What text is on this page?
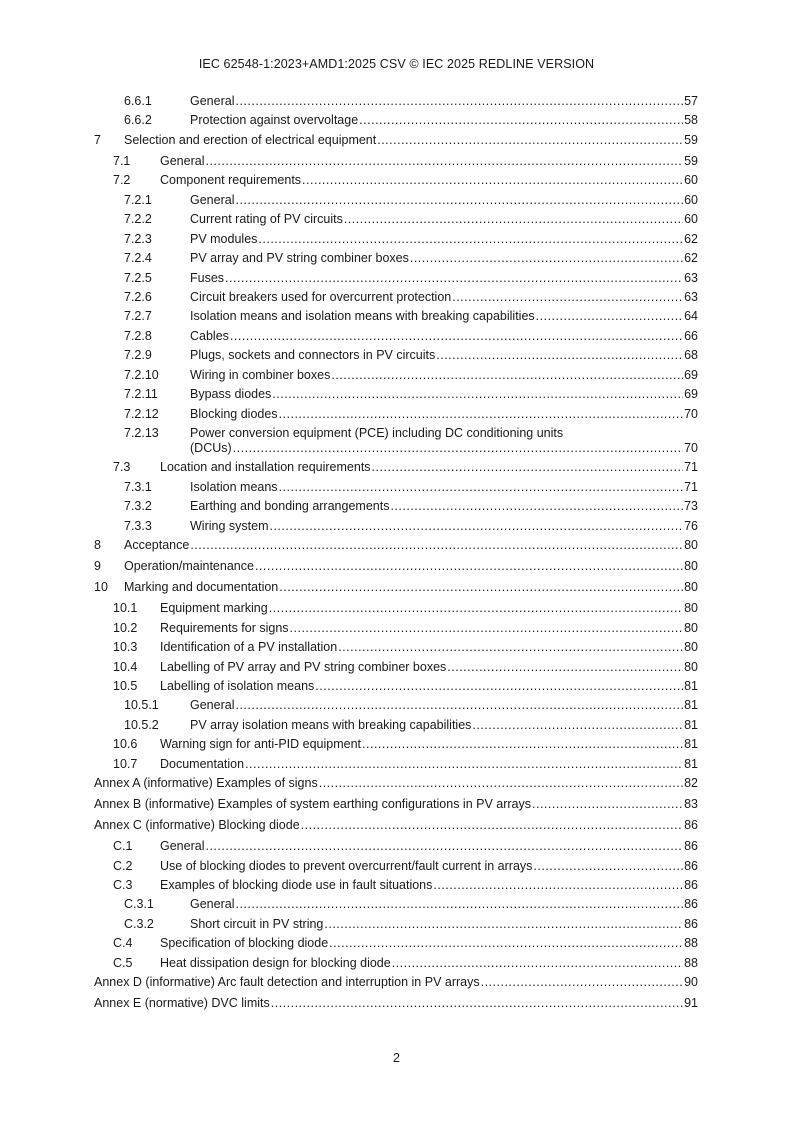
IEC 62548-1:2023+AMD1:2025 CSV © IEC 2025 REDLINE VERSION
6.6.1	General .....	57
6.6.2	Protection against overvoltage .....	58
7	Selection and erection of electrical equipment .....	59
7.1	General .....	59
7.2	Component requirements .....	60
7.2.1	General .....	60
7.2.2	Current rating of PV circuits .....	60
7.2.3	PV modules .....	62
7.2.4	PV array and PV string combiner boxes .....	62
7.2.5	Fuses .....	63
7.2.6	Circuit breakers used for overcurrent protection .....	63
7.2.7	Isolation means and isolation means with breaking capabilities .....	64
7.2.8	Cables .....	66
7.2.9	Plugs, sockets and connectors in PV circuits .....	68
7.2.10	Wiring in combiner boxes .....	69
7.2.11	Bypass diodes .....	69
7.2.12	Blocking diodes .....	70
7.2.13	Power conversion equipment (PCE) including DC conditioning units
(DCUs) .....	70
7.3	Location and installation requirements .....	71
7.3.1	Isolation means .....	71
7.3.2	Earthing and bonding arrangements .....	73
7.3.3	Wiring system .....	76
8	Acceptance .....	80
9	Operation/maintenance .....	80
10	Marking and documentation .....	80
10.1	Equipment marking .....	80
10.2	Requirements for signs .....	80
10.3	Identification of a PV installation .....	80
10.4	Labelling of PV array and PV string combiner boxes .....	80
10.5	Labelling of isolation means .....	81
10.5.1	General .....	81
10.5.2	PV array isolation means with breaking capabilities .....	81
10.6	Warning sign for anti-PID equipment .....	81
10.7	Documentation .....	81
Annex A (informative) Examples of signs .....	82
Annex B (informative) Examples of system earthing configurations in PV arrays .....	83
Annex C (informative) Blocking diode .....	86
C.1	General .....	86
C.2	Use of blocking diodes to prevent overcurrent/fault current in arrays .....	86
C.3	Examples of blocking diode use in fault situations .....	86
C.3.1	General .....	86
C.3.2	Short circuit in PV string .....	86
C.4	Specification of blocking diode .....	88
C.5	Heat dissipation design for blocking diode .....	88
Annex D (informative) Arc fault detection and interruption in PV arrays .....	90
Annex E (normative) DVC limits .....	91
2
